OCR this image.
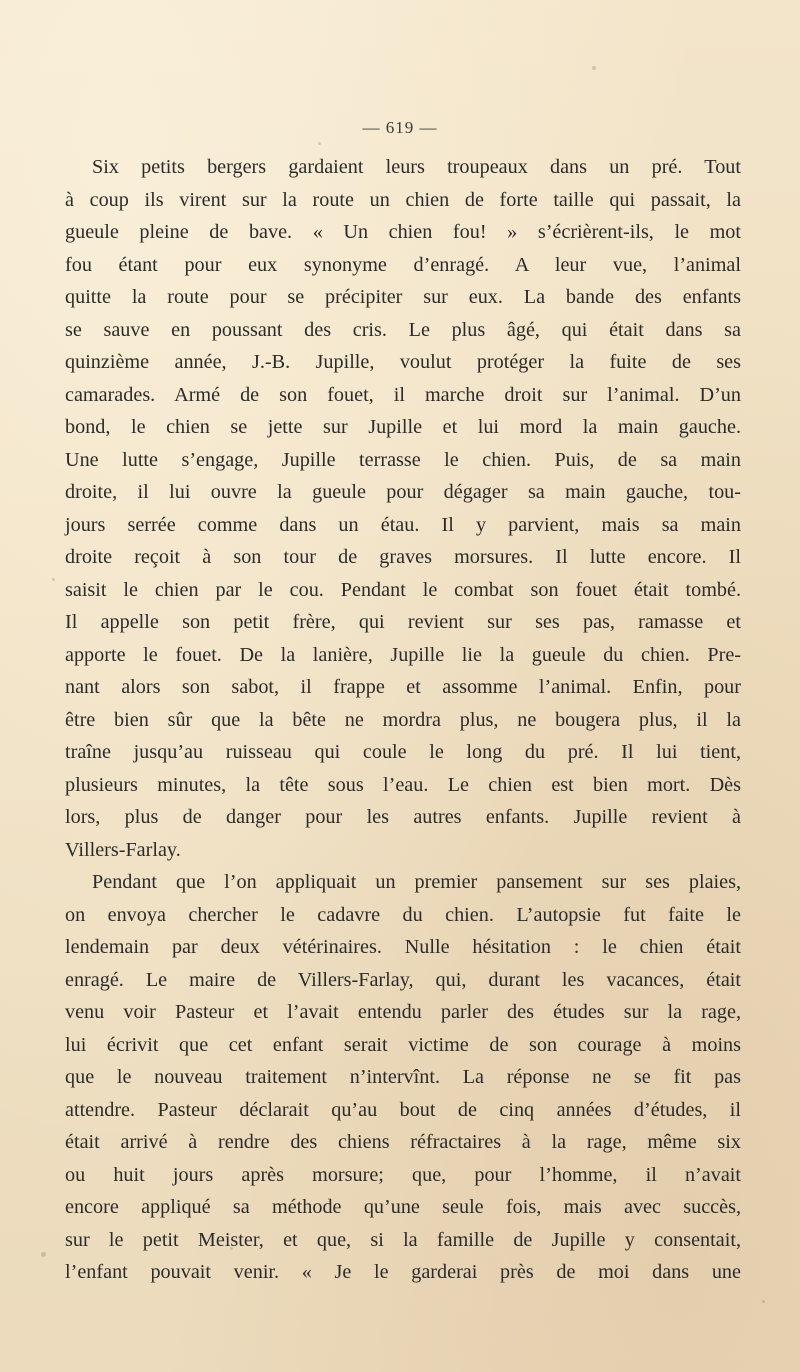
— 619 —
Six petits bergers gardaient leurs troupeaux dans un pré. Tout
à coup ils virent sur la route un chien de forte taille qui passait, la
gueule pleine de bave. « Un chien fou! » s’écrièrent-ils, le mot
fou étant pour eux synonyme d’enragé. A leur vue, l’animal
quitte la route pour se précipiter sur eux. La bande des enfants
se sauve en poussant des cris. Le plus âgé, qui était dans sa
quinzième année, J.-B. Jupille, voulut protéger la fuite de ses
camarades. Armé de son fouet, il marche droit sur l’animal. D’un
bond, le chien se jette sur Jupille et lui mord la main gauche.
Une lutte s’engage, Jupille terrasse le chien. Puis, de sa main
droite, il lui ouvre la gueule pour dégager sa main gauche, tou-
jours serrée comme dans un étau. Il y parvient, mais sa main
droite reçoit à son tour de graves morsures. Il lutte encore. Il
saisit le chien par le cou. Pendant le combat son fouet était tombé.
Il appelle son petit frère, qui revient sur ses pas, ramasse et
apporte le fouet. De la lanière, Jupille lie la gueule du chien. Pre-
nant alors son sabot, il frappe et assomme l’animal. Enfin, pour
être bien sûr que la bête ne mordra plus, ne bougera plus, il la
traîne jusqu’au ruisseau qui coule le long du pré. Il lui tient,
plusieurs minutes, la tête sous l’eau. Le chien est bien mort. Dès
lors, plus de danger pour les autres enfants. Jupille revient à
Villers-Farlay.
Pendant que l’on appliquait un premier pansement sur ses plaies,
on envoya chercher le cadavre du chien. L’autopsie fut faite le
lendemain par deux vétérinaires. Nulle hésitation : le chien était
enragé. Le maire de Villers-Farlay, qui, durant les vacances, était
venu voir Pasteur et l’avait entendu parler des études sur la rage,
lui écrivit que cet enfant serait victime de son courage à moins
que le nouveau traitement n’intervînt. La réponse ne se fit pas
attendre. Pasteur déclarait qu’au bout de cinq années d’études, il
était arrivé à rendre des chiens réfractaires à la rage, même six
ou huit jours après morsure; que, pour l’homme, il n’avait
encore appliqué sa méthode qu’une seule fois, mais avec succès,
sur le petit Meister, et que, si la famille de Jupille y consentait,
l’enfant pouvait venir. « Je le garderai près de moi dans une
